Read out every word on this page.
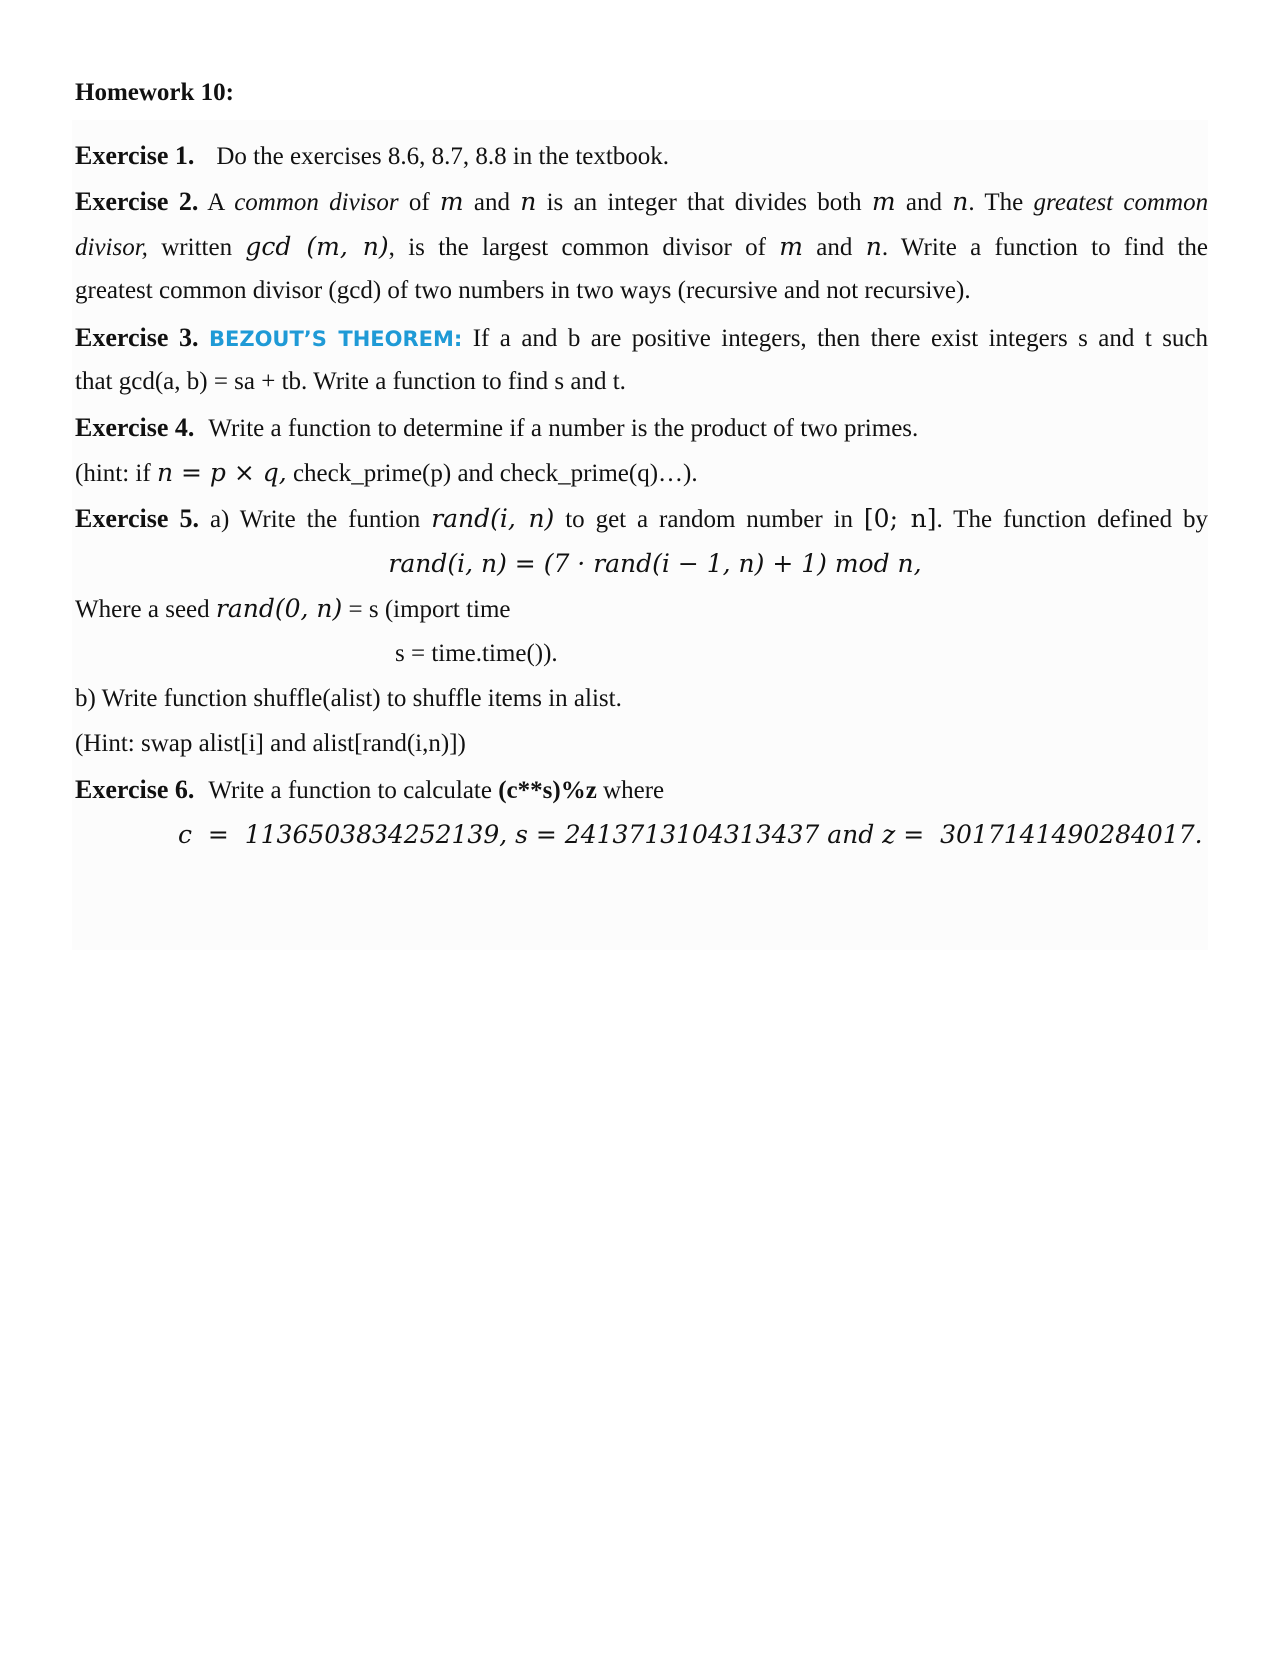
Homework 10:
Exercise 1. Do the exercises 8.6, 8.7, 8.8 in the textbook.
Exercise 2. A common divisor of m and n is an integer that divides both m and n. The greatest common
divisor, written gcd (m, n), is the largest common divisor of m and n. Write a function to find the
greatest common divisor (gcd) of two numbers in two ways (recursive and not recursive).
Exercise 3. BEZOUT’S THEOREM: If a and b are positive integers, then there exist integers s and t such
that gcd(a, b) = sa + tb. Write a function to find s and t.
Exercise 4. Write a function to determine if a number is the product of two primes.
(hint: if n = p × q, check_prime(p) and check_prime(q)…).
Exercise 5. a) Write the funtion rand(i, n) to get a random number in [0; n]. The function defined by
rand(i, n) = (7 · rand(i − 1, n) + 1) mod n,
Where a seed rand(0, n) = s (import time
s = time.time()).
b) Write function shuffle(alist) to shuffle items in alist.
(Hint: swap alist[i] and alist[rand(i,n)])
Exercise 6. Write a function to calculate (c**s)%z where
c  =  1136503834252139, s = 2413713104313437 and z =  3017141490284017.
